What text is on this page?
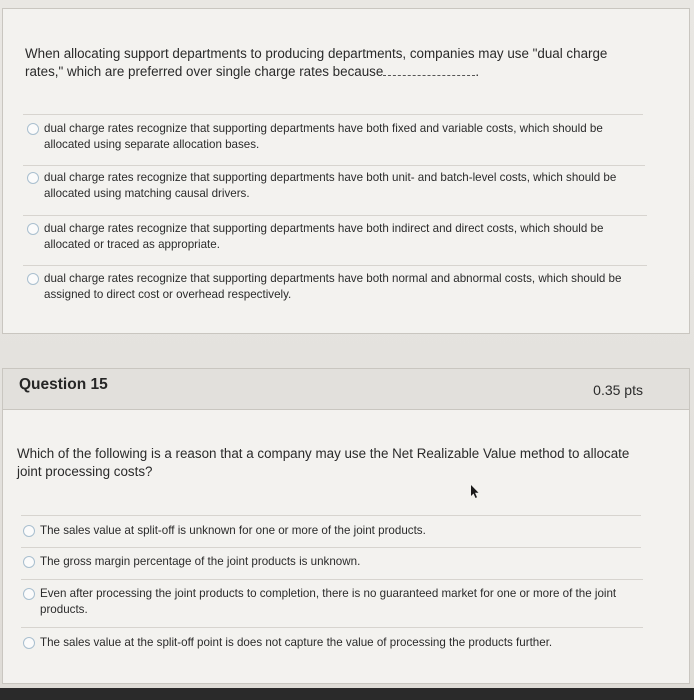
When allocating support departments to producing departments, companies may use "dual charge rates," which are preferred over single charge rates because	.
dual charge rates recognize that supporting departments have both fixed and variable costs, which should be allocated using separate allocation bases.
dual charge rates recognize that supporting departments have both unit- and batch-level costs, which should be allocated using matching causal drivers.
dual charge rates recognize that supporting departments have both indirect and direct costs, which should be allocated or traced as appropriate.
dual charge rates recognize that supporting departments have both normal and abnormal costs, which should be assigned to direct cost or overhead respectively.
Question 15	0.35 pts
Which of the following is a reason that a company may use the Net Realizable Value method to allocate joint processing costs?
The sales value at split-off is unknown for one or more of the joint products.
The gross margin percentage of the joint products is unknown.
Even after processing the joint products to completion, there is no guaranteed market for one or more of the joint products.
The sales value at the split-off point is does not capture the value of processing the products further.
